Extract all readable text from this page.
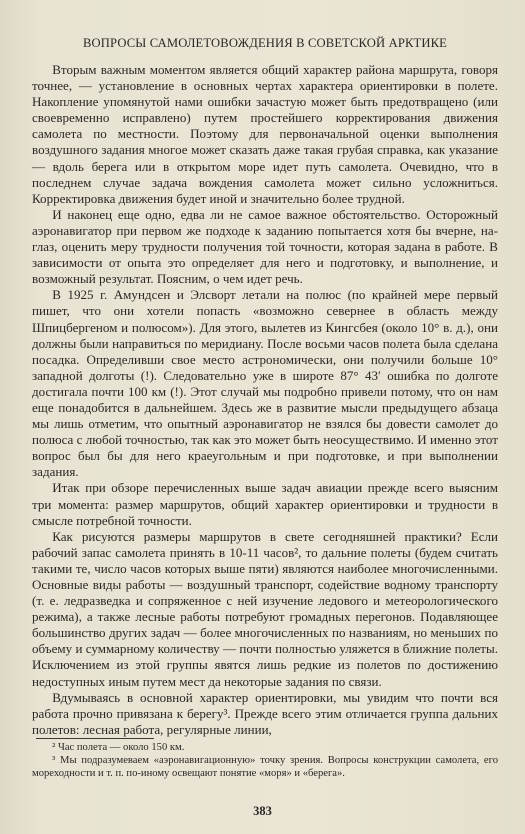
ВОПРОСЫ САМОЛЕТОВОЖДЕНИЯ В СОВЕТСКОЙ АРКТИКЕ

Вторым важным моментом является общий характер района маршрута, говоря точнее, — установление в основных чертах характера ориентировки в полете. Накопление упомянутой нами ошибки зачастую может быть предотвращено (или своевременно исправлено) путем простейшего корректирования движения самолета по местности. Поэтому для первоначальной оценки выполнения воздушного задания многое может сказать даже такая грубая справка, как указание — вдоль берега или в открытом море идет путь самолета. Очевидно, что в последнем случае задача вождения самолета может сильно усложниться. Корректировка движения будет иной и значительно более трудной.

И наконец еще одно, едва ли не самое важное обстоятельство. Осторожный аэронавигатор при первом же подходе к заданию попытается хотя бы вчерне, на-глаз, оценить меру трудности получения той точности, которая задана в работе. В зависимости от опыта это определяет для него и подготовку, и выполнение, и возможный результат. Поясним, о чем идет речь.

В 1925 г. Амундсен и Элсворт летали на полюс (по крайней мере первый пишет, что они хотели попасть «возможно севернее в область между Шпицбергеном и полюсом»). Для этого, вылетев из Кингсбея (около 10° в. д.), они должны были направиться по меридиану. После восьми часов полета была сделана посадка. Определивши свое место астрономически, они получили больше 10° западной долготы (!). Следовательно уже в широте 87° 43′ ошибка по долготе достигала почти 100 км (!). Этот случай мы подробно привели потому, что он нам еще понадобится в дальнейшем. Здесь же в развитие мысли предыдущего абзаца мы лишь отметим, что опытный аэронавигатор не взялся бы довести самолет до полюса с любой точностью, так как это может быть неосуществимо. И именно этот вопрос был бы для него краеугольным и при подготовке, и при выполнении задания.

Итак при обзоре перечисленных выше задач авиации прежде всего выясним три момента: размер маршрутов, общий характер ориентировки и трудности в смысле потребной точности.

Как рисуются размеры маршрутов в свете сегодняшней практики? Если рабочий запас самолета принять в 10-11 часов², то дальние полеты (будем считать такими те, число часов которых выше пяти) являются наиболее многочисленными. Основные виды работы — воздушный транспорт, содействие водному транспорту (т. е. ледразведка и сопряженное с ней изучение ледового и метеорологического режима), а также лесные работы потребуют громадных перегонов. Подавляющее большинство других задач — более многочисленных по названиям, но меньших по объему и суммарному количеству — почти полностью уляжется в ближние полеты. Исключением из этой группы явятся лишь редкие из полетов по достижению недоступных иным путем мест да некоторые задания по связи.

Вдумываясь в основной характер ориентировки, мы увидим что почти вся работа прочно привязана к берегу³. Прежде всего этим отличается группа дальних полетов: лесная работа, регулярные линии,

² Час полета — около 150 км.

³ Мы подразумеваем «аэронавигационную» точку зрения. Вопросы конструкции самолета, его мореходности и т. п. по-иному освещают понятие «моря» и «берега».

383
